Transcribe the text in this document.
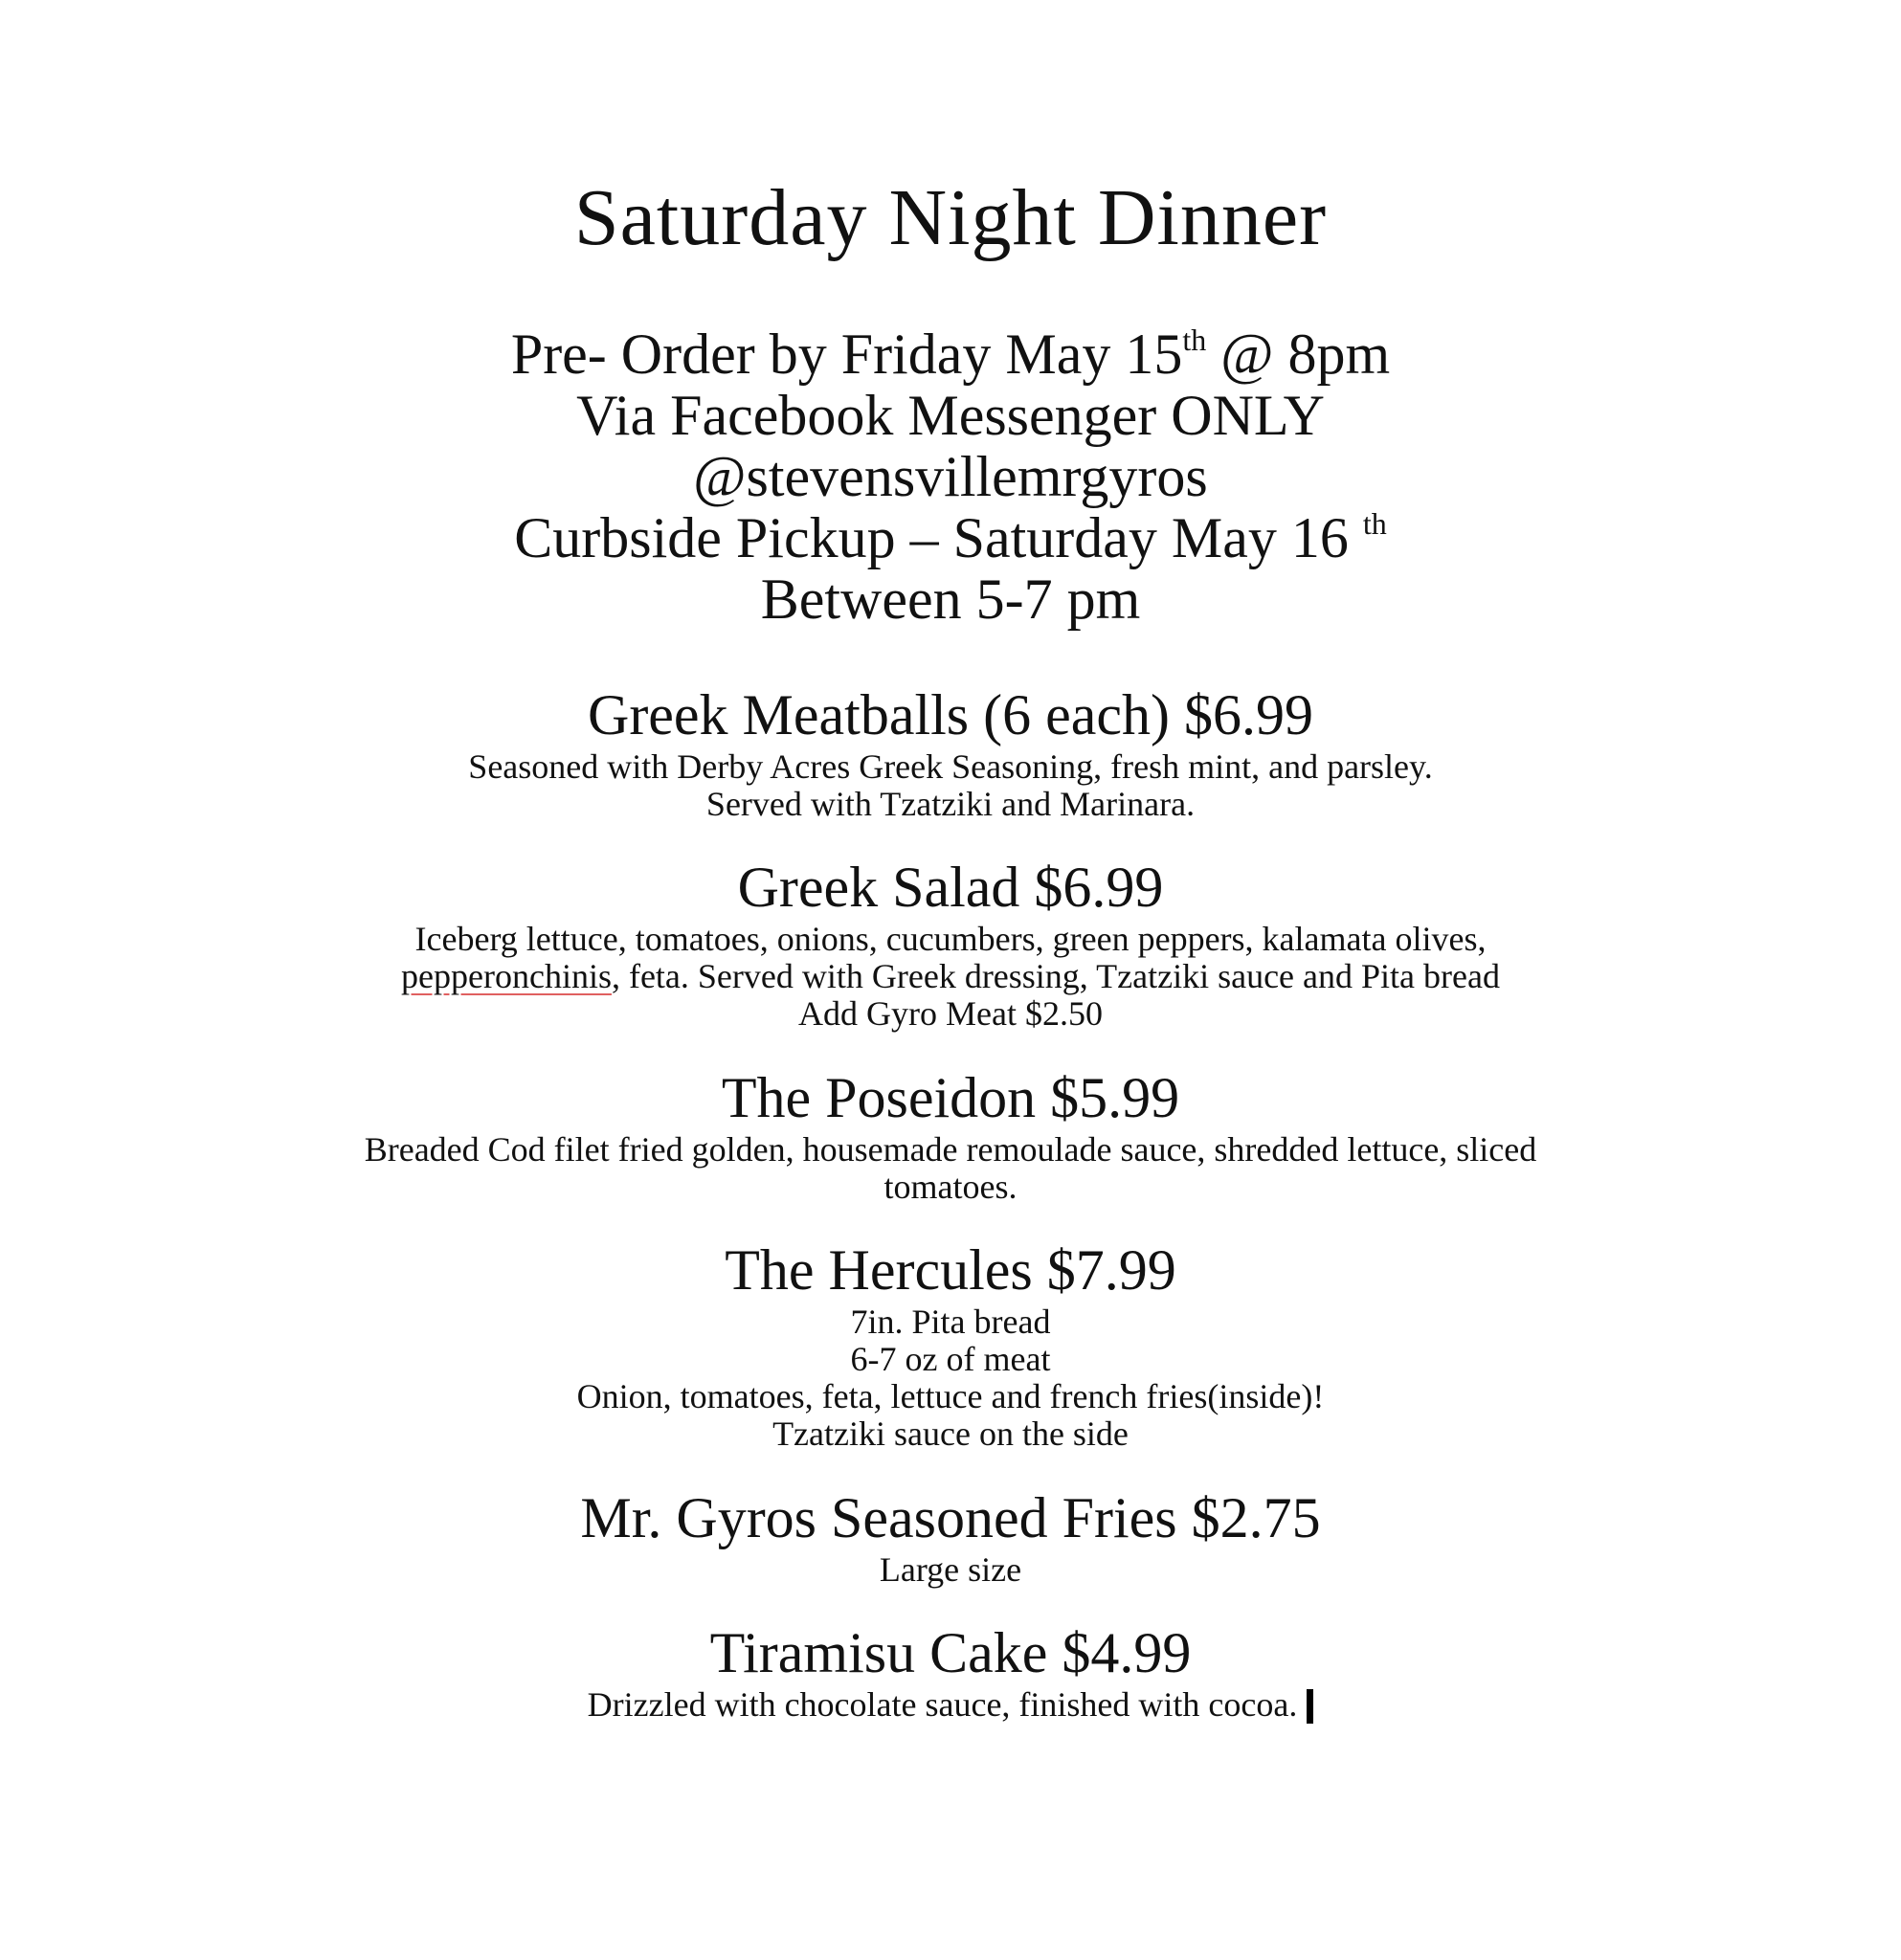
Saturday Night Dinner
Pre- Order by Friday May 15th @ 8pm
Via Facebook Messenger ONLY
@stevensvillemrgyros
Curbside Pickup – Saturday May 16 $^{th}$
Between 5-7 pm
Greek Meatballs (6 each) $6.99
Seasoned with Derby Acres Greek Seasoning, fresh mint, and parsley.
Served with Tzatziki and Marinara.
Greek Salad $6.99
Iceberg lettuce, tomatoes, onions, cucumbers, green peppers, kalamata olives,
pepperonchinis, feta. Served with Greek dressing, Tzatziki sauce and Pita bread
Add Gyro Meat $2.50
The Poseidon $5.99
Breaded Cod filet fried golden, housemade remoulade sauce, shredded lettuce, sliced
tomatoes.
The Hercules $7.99
7in. Pita bread
6-7 oz of meat
Onion, tomatoes, feta, lettuce and french fries(inside)!
Tzatziki sauce on the side
Mr. Gyros Seasoned Fries $2.75
Large size
Tiramisu Cake $4.99
Drizzled with chocolate sauce, finished with cocoa.
